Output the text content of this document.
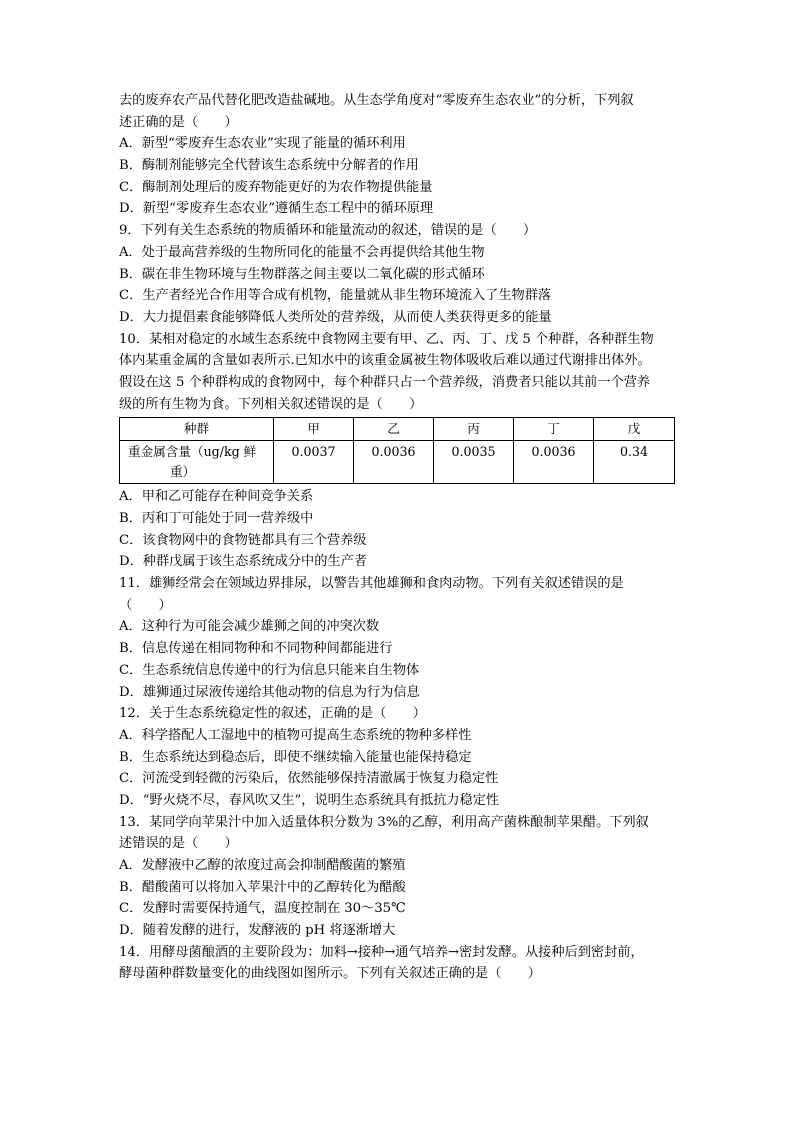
去的废弃农产品代替化肥改造盐碱地。从生态学角度对“零废弃生态农业”的分析，下列叙
述正确的是（　　）
A．新型“零废弃生态农业”实现了能量的循环利用
B．酶制剂能够完全代替该生态系统中分解者的作用
C．酶制剂处理后的废弃物能更好的为农作物提供能量
D．新型“零废弃生态农业”遵循生态工程中的循环原理
9．下列有关生态系统的物质循环和能量流动的叙述，错误的是（　　）
A．处于最高营养级的生物所同化的能量不会再提供给其他生物
B．碳在非生物环境与生物群落之间主要以二氧化碳的形式循环
C．生产者经光合作用等合成有机物，能量就从非生物环境流入了生物群落
D．大力提倡素食能够降低人类所处的营养级，从而使人类获得更多的能量
10．某相对稳定的水域生态系统中食物网主要有甲、乙、丙、丁、戊 5 个种群，各种群生物
体内某重金属的含量如表所示.已知水中的该重金属被生物体吸收后难以通过代谢排出体外。
假设在这 5 个种群构成的食物网中，每个种群只占一个营养级，消费者只能以其前一个营养
级的所有生物为食。下列相关叙述错误的是（　　）
种群	甲	乙	丙	丁	戊

重金属含量（ug/kg 鲜
重）	0.0037	0.0036	0.0035	0.0036	0.34
A．甲和乙可能存在种间竞争关系
B．丙和丁可能处于同一营养级中
C．该食物网中的食物链都具有三个营养级
D．种群戊属于该生态系统成分中的生产者
11．雄狮经常会在领域边界排尿，以警告其他雄狮和食肉动物。下列有关叙述错误的是
（　　）
A．这种行为可能会减少雄狮之间的冲突次数
B．信息传递在相同物种和不同物种间都能进行
C．生态系统信息传递中的行为信息只能来自生物体
D．雄狮通过尿液传递给其他动物的信息为行为信息
12．关于生态系统稳定性的叙述，正确的是（　　）
A．科学搭配人工湿地中的植物可提高生态系统的物种多样性
B．生态系统达到稳态后，即使不继续输入能量也能保持稳定
C．河流受到轻微的污染后，依然能够保持清澈属于恢复力稳定性
D．“野火烧不尽，春风吹又生”，说明生态系统具有抵抗力稳定性
13．某同学向苹果汁中加入适量体积分数为 3%的乙醇，利用高产菌株酿制苹果醋。下列叙
述错误的是（　　）
A．发酵液中乙醇的浓度过高会抑制醋酸菌的繁殖
B．醋酸菌可以将加入苹果汁中的乙醇转化为醋酸
C．发酵时需要保持通气，温度控制在 30～35℃
D．随着发酵的进行，发酵液的 pH 将逐渐增大
14．用酵母菌酿酒的主要阶段为：加料→接种→通气培养→密封发酵。从接种后到密封前，
酵母菌种群数量变化的曲线图如图所示。下列有关叙述正确的是（　　）
